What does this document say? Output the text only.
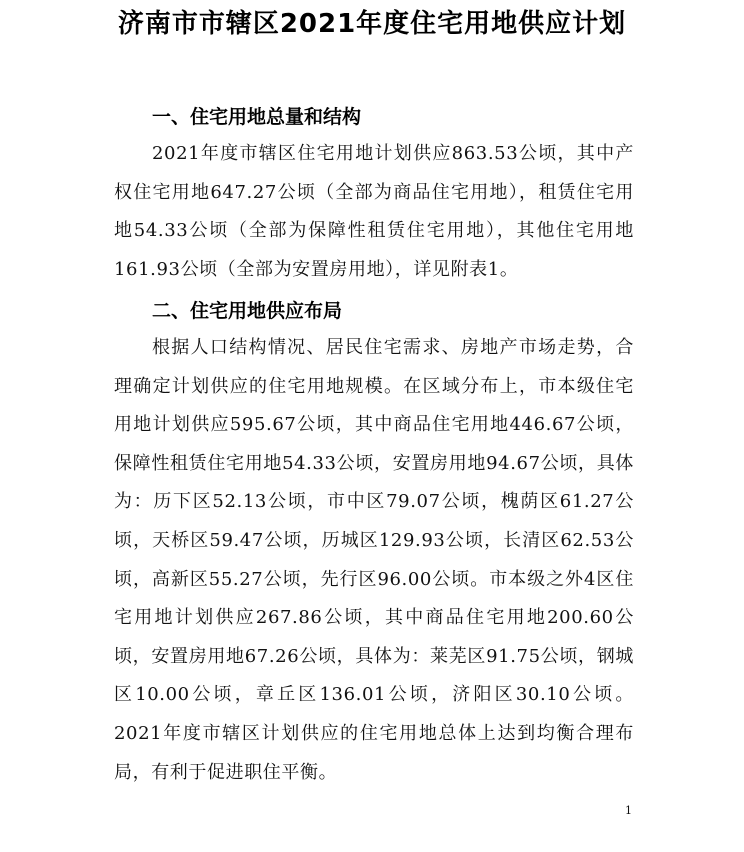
济南市市辖区2021年度住宅用地供应计划
一、住宅用地总量和结构

2021年度市辖区住宅用地计划供应863.53公顷，其中产权住宅用地647.27公顷（全部为商品住宅用地），租赁住宅用地54.33公顷（全部为保障性租赁住宅用地），其他住宅用地161.93公顷（全部为安置房用地），详见附表1。

二、住宅用地供应布局

根据人口结构情况、居民住宅需求、房地产市场走势，合理确定计划供应的住宅用地规模。在区域分布上，市本级住宅用地计划供应595.67公顷，其中商品住宅用地446.67公顷，保障性租赁住宅用地54.33公顷，安置房用地94.67公顷，具体为：历下区52.13公顷，市中区79.07公顷，槐荫区61.27公顷，天桥区59.47公顷，历城区129.93公顷，长清区62.53公顷，高新区55.27公顷，先行区96.00公顷。市本级之外4区住宅用地计划供应267.86公顷，其中商品住宅用地200.60公顷，安置房用地67.26公顷，具体为：莱芜区91.75公顷，钢城区10.00公顷，章丘区136.01公顷，济阳区30.10公顷。2021年度市辖区计划供应的住宅用地总体上达到均衡合理布局，有利于促进职住平衡。

1
